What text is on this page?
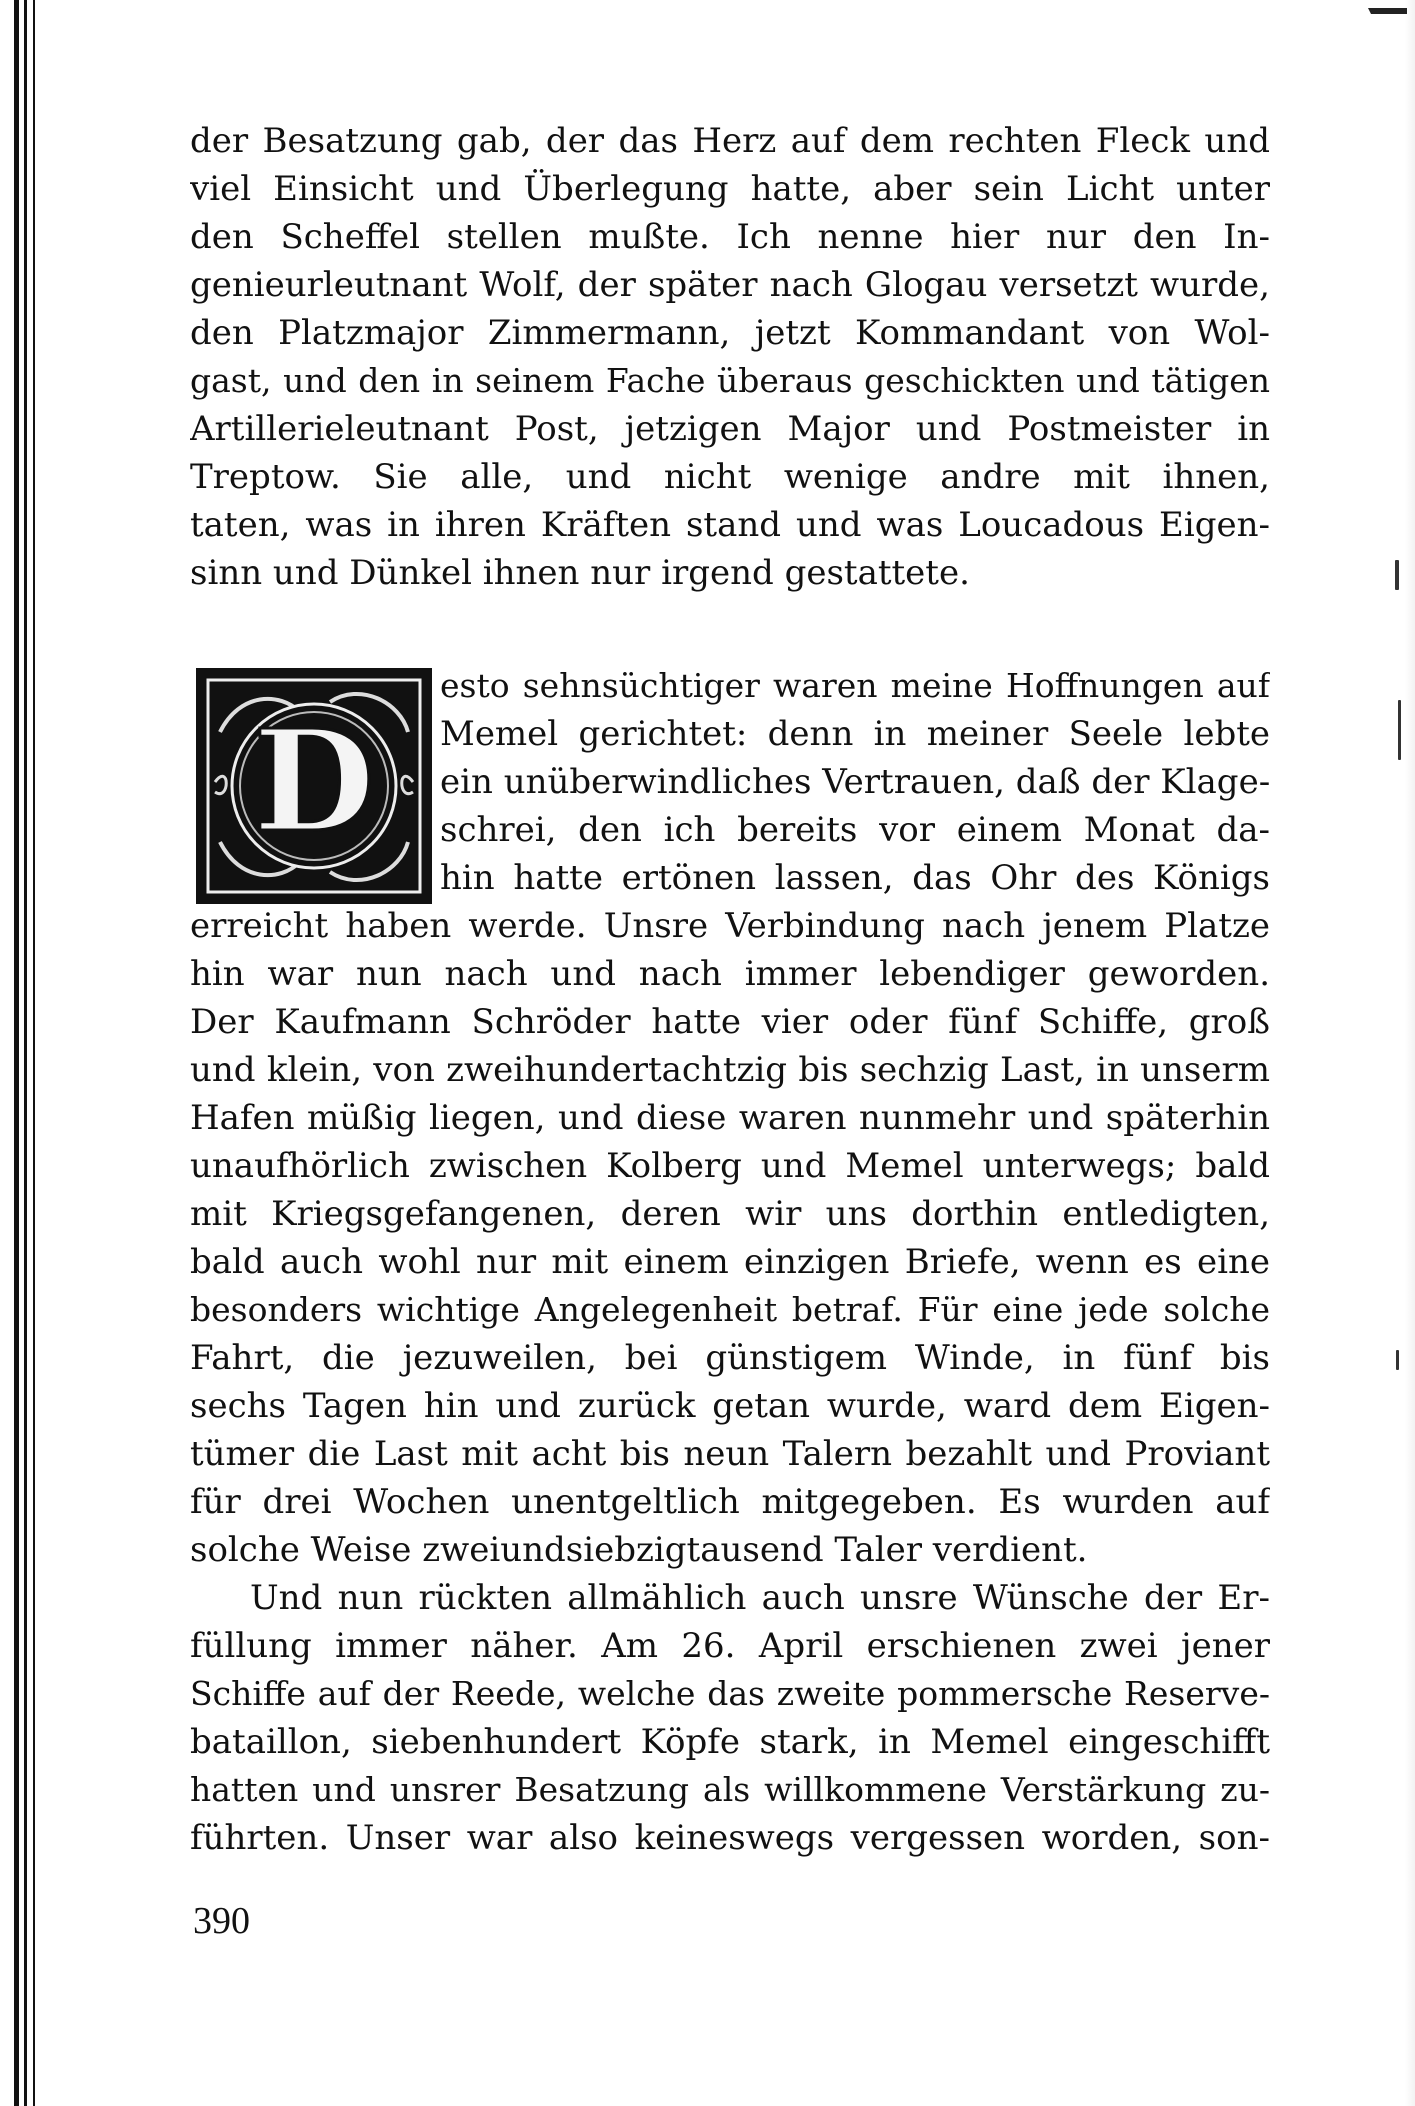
der Besatzung gab, der das Herz auf dem rechten Fleck und
viel Einsicht und Überlegung hatte, aber sein Licht unter
den Scheffel stellen mußte. Ich nenne hier nur den In-
genieurleutnant Wolf, der später nach Glogau versetzt wurde,
den Platzmajor Zimmermann, jetzt Kommandant von Wol-
gast, und den in seinem Fache überaus geschickten und tätigen
Artillerieleutnant Post, jetzigen Major und Postmeister in
Treptow. Sie alle, und nicht wenige andre mit ihnen,
taten, was in ihren Kräften stand und was Loucadous Eigen-
sinn und Dünkel ihnen nur irgend gestattete.
D
esto sehnsüchtiger waren meine Hoffnungen auf
Memel gerichtet: denn in meiner Seele lebte
ein unüberwindliches Vertrauen, daß der Klage-
schrei, den ich bereits vor einem Monat da-
hin hatte ertönen lassen, das Ohr des Königs
erreicht haben werde. Unsre Verbindung nach jenem Platze
hin war nun nach und nach immer lebendiger geworden.
Der Kaufmann Schröder hatte vier oder fünf Schiffe, groß
und klein, von zweihundertachtzig bis sechzig Last, in unserm
Hafen müßig liegen, und diese waren nunmehr und späterhin
unaufhörlich zwischen Kolberg und Memel unterwegs; bald
mit Kriegsgefangenen, deren wir uns dorthin entledigten,
bald auch wohl nur mit einem einzigen Briefe, wenn es eine
besonders wichtige Angelegenheit betraf. Für eine jede solche
Fahrt, die jezuweilen, bei günstigem Winde, in fünf bis
sechs Tagen hin und zurück getan wurde, ward dem Eigen-
tümer die Last mit acht bis neun Talern bezahlt und Proviant
für drei Wochen unentgeltlich mitgegeben. Es wurden auf
solche Weise zweiundsiebzigtausend Taler verdient.
Und nun rückten allmählich auch unsre Wünsche der Er-
füllung immer näher. Am 26. April erschienen zwei jener
Schiffe auf der Reede, welche das zweite pommersche Reserve-
bataillon, siebenhundert Köpfe stark, in Memel eingeschifft
hatten und unsrer Besatzung als willkommene Verstärkung zu-
führten. Unser war also keineswegs vergessen worden, son-
390
